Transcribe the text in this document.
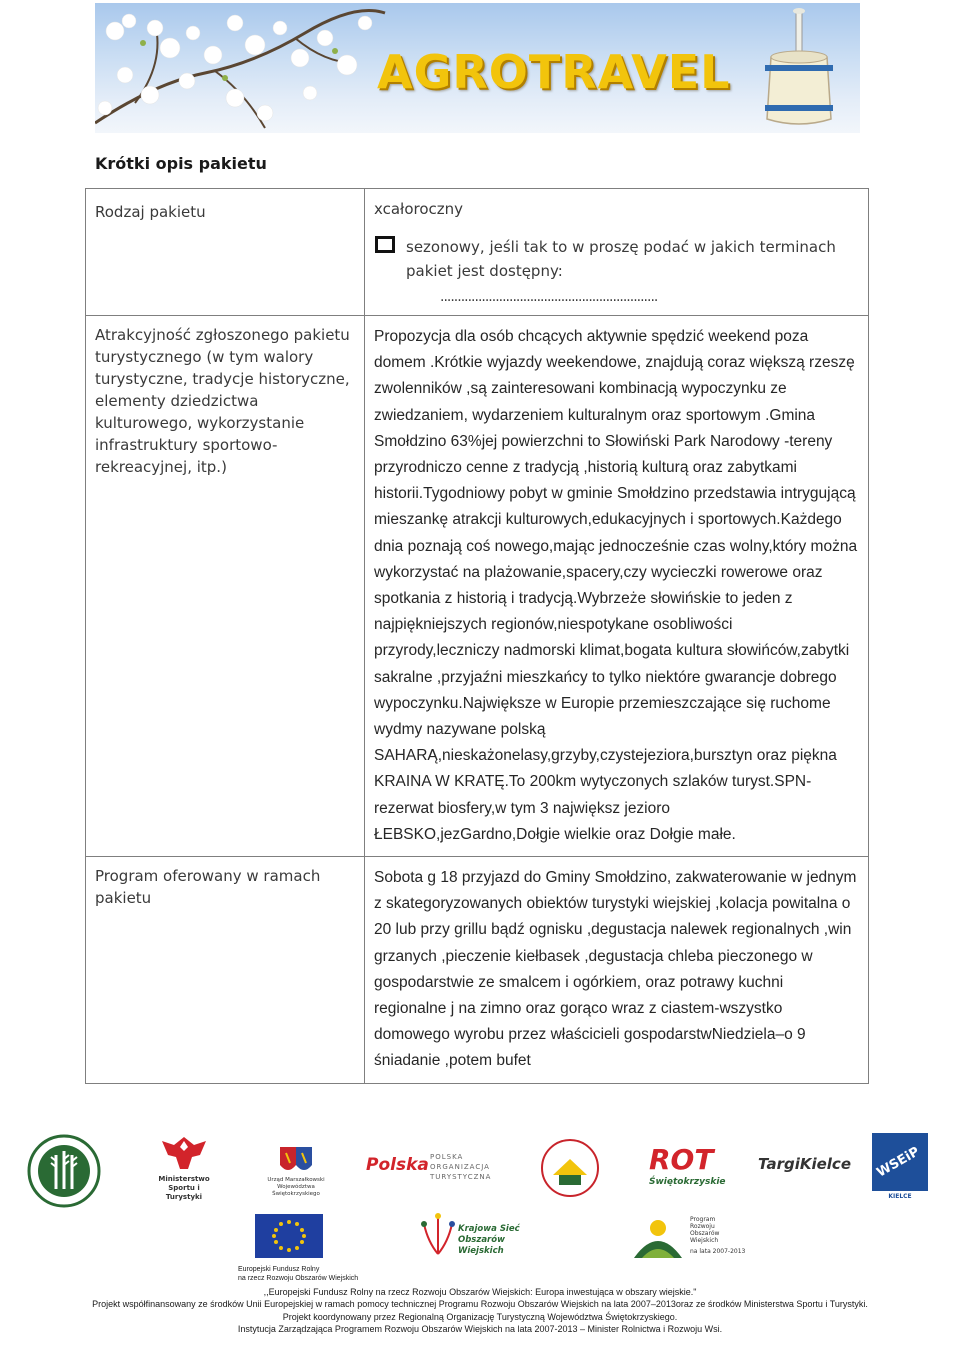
AGROTRAVEL
Krótki opis pakietu
Rodzaj pakietu	xcałoroczny
sezonowy, jeśli tak to w proszę podać w jakich terminach pakiet jest dostępny:
...............................................................

Atrakcyjność zgłoszonego pakietu turystycznego (w tym walory turystyczne, tradycje historyczne, elementy dziedzictwa kulturowego, wykorzystanie infrastruktury sportowo-rekreacyjnej, itp.)	Propozycja dla osób chcących aktywnie spędzić weekend poza domem .Krótkie wyjazdy weekendowe, znajdują coraz większą rzeszę zwolenników ,są zainteresowani kombinacją wypoczynku ze zwiedzaniem, wydarzeniem kulturalnym oraz sportowym .Gmina Smołdzino 63%jej powierzchni to Słowiński Park Narodowy -tereny przyrodniczo cenne z tradycją ,historią kulturą oraz zabytkami historii.Tygodniowy pobyt w gminie Smołdzino przedstawia intrygującą mieszankę atrakcji kulturowych,edukacyjnych i sportowych.Każdego dnia poznają coś nowego,mając jednocześnie czas wolny,który można wykorzystać na plażowanie,spacery,czy wycieczki rowerowe oraz spotkania z historią i tradycją.Wybrzeże słowińskie to jeden z najpiękniejszych regionów,niespotykane osobliwości przyrody,leczniczy nadmorski klimat,bogata kultura słowińców,zabytki sakralne ,przyjaźni mieszkańcy to tylko niektóre gwarancje dobrego wypoczynku.Największe w Europie przemieszczające się ruchome wydmy nazywane polską SAHARĄ,nieskażonelasy,grzyby,czystejeziora,bursztyn oraz piękna KRAINA W KRATĘ.To 200km wytyczonych szlaków turyst.SPN-rezerwat biosfery,w tym 3 największ jezioro ŁEBSKO,jezGardno,Dołgie wielkie oraz Dołgie małe.

Program oferowany w ramach pakietu	Sobota g 18 przyjazd do Gminy Smołdzino, zakwaterowanie w jednym z skategoryzowanych obiektów turystyki wiejskiej ,kolacja powitalna o 20 lub przy grillu bądź ognisku ,degustacja nalewek regionalnych ,win grzanych ,pieczenie kiełbasek ,degustacja chleba pieczonego w gospodarstwie ze smalcem i ogórkiem, oraz potrawy kuchni regionalne j na zimno oraz gorąco wraz z ciastem-wszystko domowego wyrobu przez właścicieli gospodarstwNiedziela–o 9 śniadanie ,potem bufet
Ministerstwo
Sportu i Turystyki
Urząd Marszałkowski
Województwa Świętokrzyskiego
Polska POLSKA
ORGANIZACJA
TURYSTYCZNA
ROT
Świętokrzyskie
TargiKielce WSEiP
KIELCE
Krajowa Sieć
Obszarów Wiejskich
Program
Rozwoju
Obszarów
Wiejskich
na lata 2007-2013
Europejski Fundusz Rolny
na rzecz Rozwoju Obszarów Wiejskich
,,Europejski Fundusz Rolny na rzecz Rozwoju Obszarów Wiejskich: Europa inwestująca w obszary wiejskie."
Projekt współfinansowany ze środków Unii Europejskiej w ramach pomocy technicznej Programu Rozwoju Obszarów Wiejskich na lata 2007–2013oraz ze środków Ministerstwa Sportu i Turystyki.
Projekt koordynowany przez Regionalną Organizację Turystyczną Województwa Świętokrzyskiego.
Instytucja Zarządzająca Programem Rozwoju Obszarów Wiejskich na lata 2007-2013 – Minister Rolnictwa i Rozwoju Wsi.
